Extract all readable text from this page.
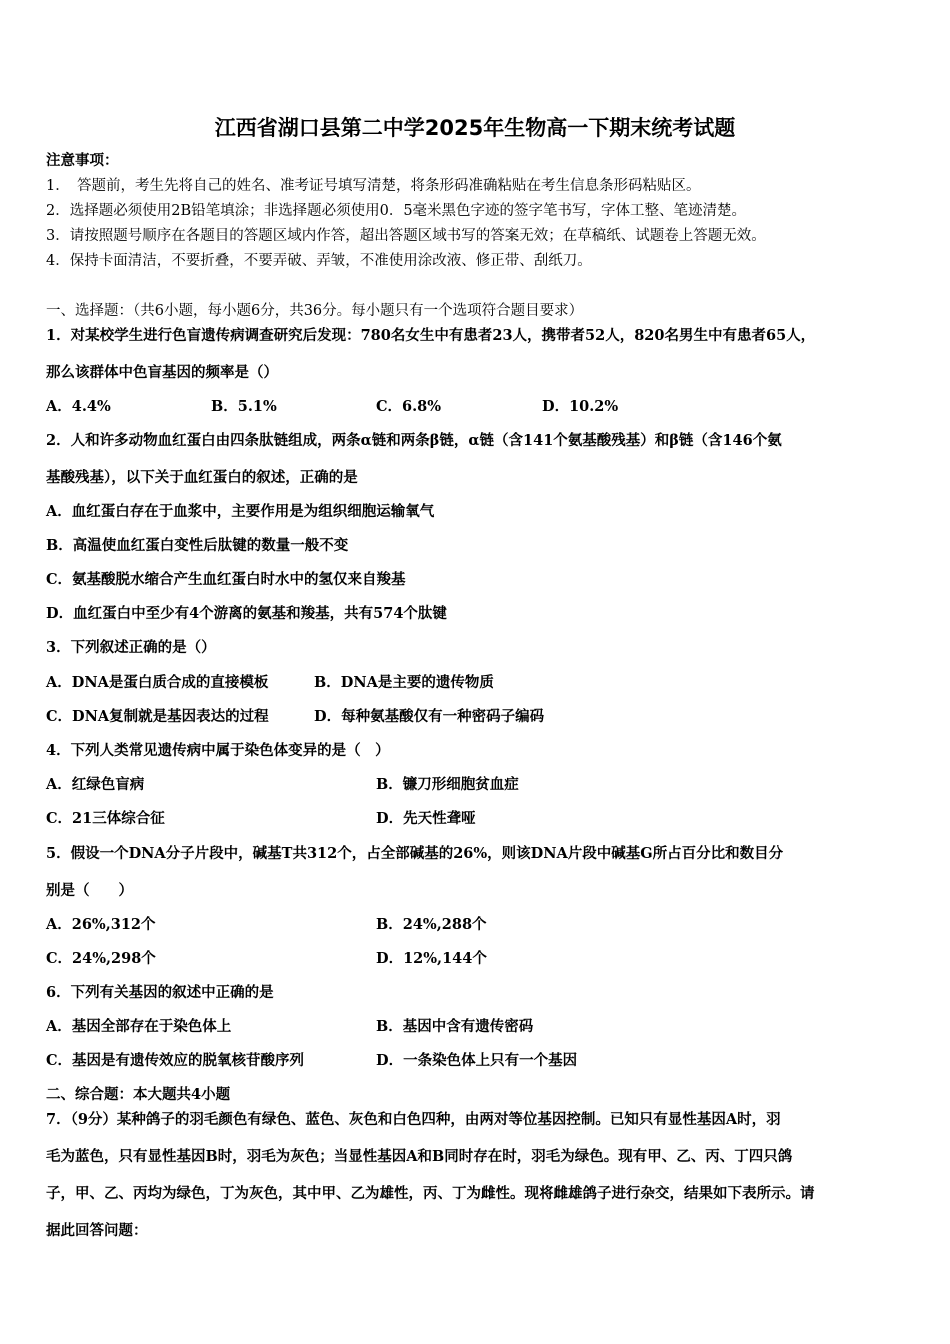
江西省湖口县第二中学2025年生物高一下期末统考试题
注意事项：
1．　答题前，考生先将自己的姓名、准考证号填写清楚，将条形码准确粘贴在考生信息条形码粘贴区。
2．选择题必须使用2B铅笔填涂；非选择题必须使用0．5毫米黑色字迹的签字笔书写，字体工整、笔迹清楚。
3．请按照题号顺序在各题目的答题区域内作答，超出答题区域书写的答案无效；在草稿纸、试题卷上答题无效。
4．保持卡面清洁，不要折叠，不要弄破、弄皱，不准使用涂改液、修正带、刮纸刀。
一、选择题：（共6小题，每小题6分，共36分。每小题只有一个选项符合题目要求）
1．对某校学生进行色盲遗传病调查研究后发现：780名女生中有患者23人，携带者52人，820名男生中有患者65人，
那么该群体中色盲基因的频率是（）
A．4.4%	B．5.1%	C．6.8%	D．10.2%
2．人和许多动物血红蛋白由四条肽链组成，两条α链和两条β链，α链（含141个氨基酸残基）和β链（含146个氨
基酸残基），以下关于血红蛋白的叙述，正确的是
A．血红蛋白存在于血浆中，主要作用是为组织细胞运输氧气
B．高温使血红蛋白变性后肽键的数量一般不变
C．氨基酸脱水缩合产生血红蛋白时水中的氢仅来自羧基
D．血红蛋白中至少有4个游离的氨基和羧基，共有574个肽键
3．下列叙述正确的是（）
A．DNA是蛋白质合成的直接模板	B．DNA是主要的遗传物质
C．DNA复制就是基因表达的过程	D．每种氨基酸仅有一种密码子编码
4．下列人类常见遗传病中属于染色体变异的是（　）
A．红绿色盲病	B．镰刀形细胞贫血症
C．21三体综合征	D．先天性聋哑
5．假设一个DNA分子片段中，碱基T共312个，占全部碱基的26%，则该DNA片段中碱基G所占百分比和数目分
别是（　　）
A．26%,312个	B．24%,288个
C．24%,298个	D．12%,144个
6．下列有关基因的叙述中正确的是
A．基因全部存在于染色体上	B．基因中含有遗传密码
C．基因是有遗传效应的脱氧核苷酸序列	D．一条染色体上只有一个基因
二、综合题：本大题共4小题
7．（9分）某种鸽子的羽毛颜色有绿色、蓝色、灰色和白色四种，由两对等位基因控制。已知只有显性基因A时，羽
毛为蓝色，只有显性基因B时，羽毛为灰色；当显性基因A和B同时存在时，羽毛为绿色。现有甲、乙、丙、丁四只鸽
子，甲、乙、丙均为绿色，丁为灰色，其中甲、乙为雄性，丙、丁为雌性。现将雌雄鸽子进行杂交，结果如下表所示。请
据此回答问题：
